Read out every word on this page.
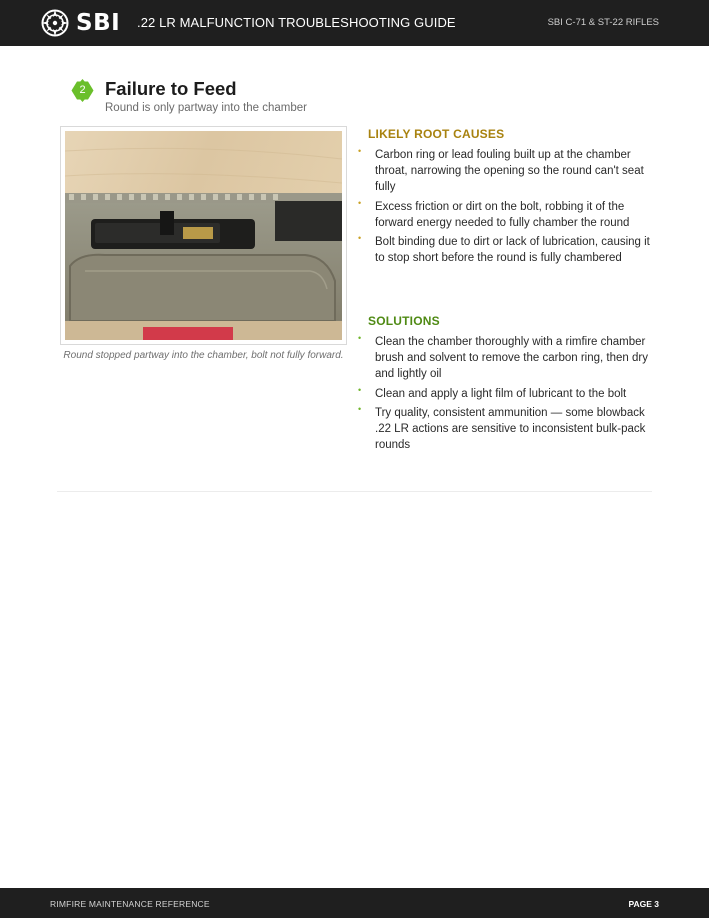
SBI .22 LR MALFUNCTION TROUBLESHOOTING GUIDE	SBI C-71 & ST-22 RIFLES
2	Failure to Feed
Round is only partway into the chamber
Round stopped partway into the chamber, bolt not fully forward.
LIKELY ROOT CAUSES
• Carbon ring or lead fouling built up at the chamber throat, narrowing the opening so the round can't seat fully
• Excess friction or dirt on the bolt, robbing it of the forward energy needed to fully chamber the round
• Bolt binding due to dirt or lack of lubrication, causing it to stop short before the round is fully chambered
SOLUTIONS
• Clean the chamber thoroughly with a rimfire chamber brush and solvent to remove the carbon ring, then dry and lightly oil
• Clean and apply a light film of lubricant to the bolt
• Try quality, consistent ammunition — some blowback .22 LR actions are sensitive to inconsistent bulk-pack rounds
RIMFIRE MAINTENANCE REFERENCE	PAGE 3
